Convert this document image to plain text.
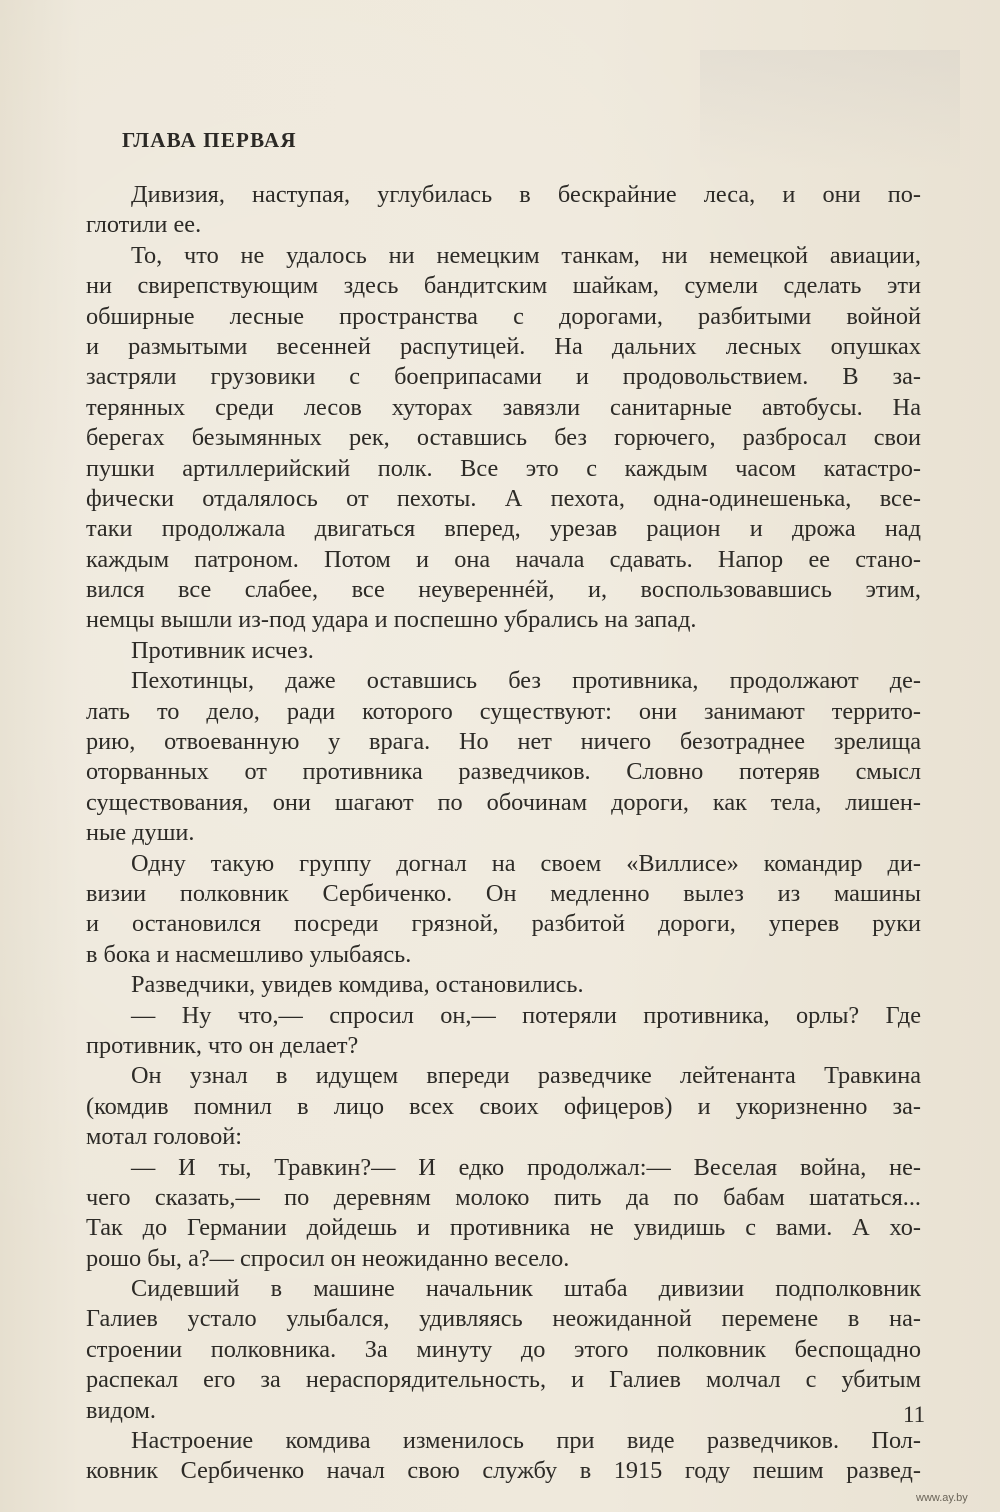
ГЛАВА ПЕРВАЯ
Дивизия, наступая, углубилась в бескрайние леса, и они по-
глотили ее.
То, что не удалось ни немецким танкам, ни немецкой авиации,
ни свирепствующим здесь бандитским шайкам, сумели сделать эти
обширные лесные пространства с дорогами, разбитыми войной
и размытыми весенней распутицей. На дальних лесных опушках
застряли грузовики с боеприпасами и продовольствием. В за-
терянных среди лесов хуторах завязли санитарные автобусы. На
берегах безымянных рек, оставшись без горючего, разбросал свои
пушки артиллерийский полк. Все это с каждым часом катастро-
фически отдалялось от пехоты. А пехота, одна-одинешенька, все-
таки продолжала двигаться вперед, урезав рацион и дрожа над
каждым патроном. Потом и она начала сдавать. Напор ее стано-
вился все слабее, все неувереннéй, и, воспользовавшись этим,
немцы вышли из-под удара и поспешно убрались на запад.
Противник исчез.
Пехотинцы, даже оставшись без противника, продолжают де-
лать то дело, ради которого существуют: они занимают террито-
рию, отвоеванную у врага. Но нет ничего безотраднее зрелища
оторванных от противника разведчиков. Словно потеряв смысл
существования, они шагают по обочинам дороги, как тела, лишен-
ные души.
Одну такую группу догнал на своем «Виллисе» командир ди-
визии полковник Сербиченко. Он медленно вылез из машины
и остановился посреди грязной, разбитой дороги, уперев руки
в бока и насмешливо улыбаясь.
Разведчики, увидев комдива, остановились.
— Ну что,— спросил он,— потеряли противника, орлы? Где
противник, что он делает?
Он узнал в идущем впереди разведчике лейтенанта Травкина
(комдив помнил в лицо всех своих офицеров) и укоризненно за-
мотал головой:
— И ты, Травкин?— И едко продолжал:— Веселая война, не-
чего сказать,— по деревням молоко пить да по бабам шататься...
Так до Германии дойдешь и противника не увидишь с вами. А хо-
рошо бы, а?— спросил он неожиданно весело.
Сидевший в машине начальник штаба дивизии подполковник
Галиев устало улыбался, удивляясь неожиданной перемене в на-
строении полковника. За минуту до этого полковник беспощадно
распекал его за нераспорядительность, и Галиев молчал с убитым
видом.
Настроение комдива изменилось при виде разведчиков. Пол-
ковник Сербиченко начал свою службу в 1915 году пешим развед-
11
www.ay.by
